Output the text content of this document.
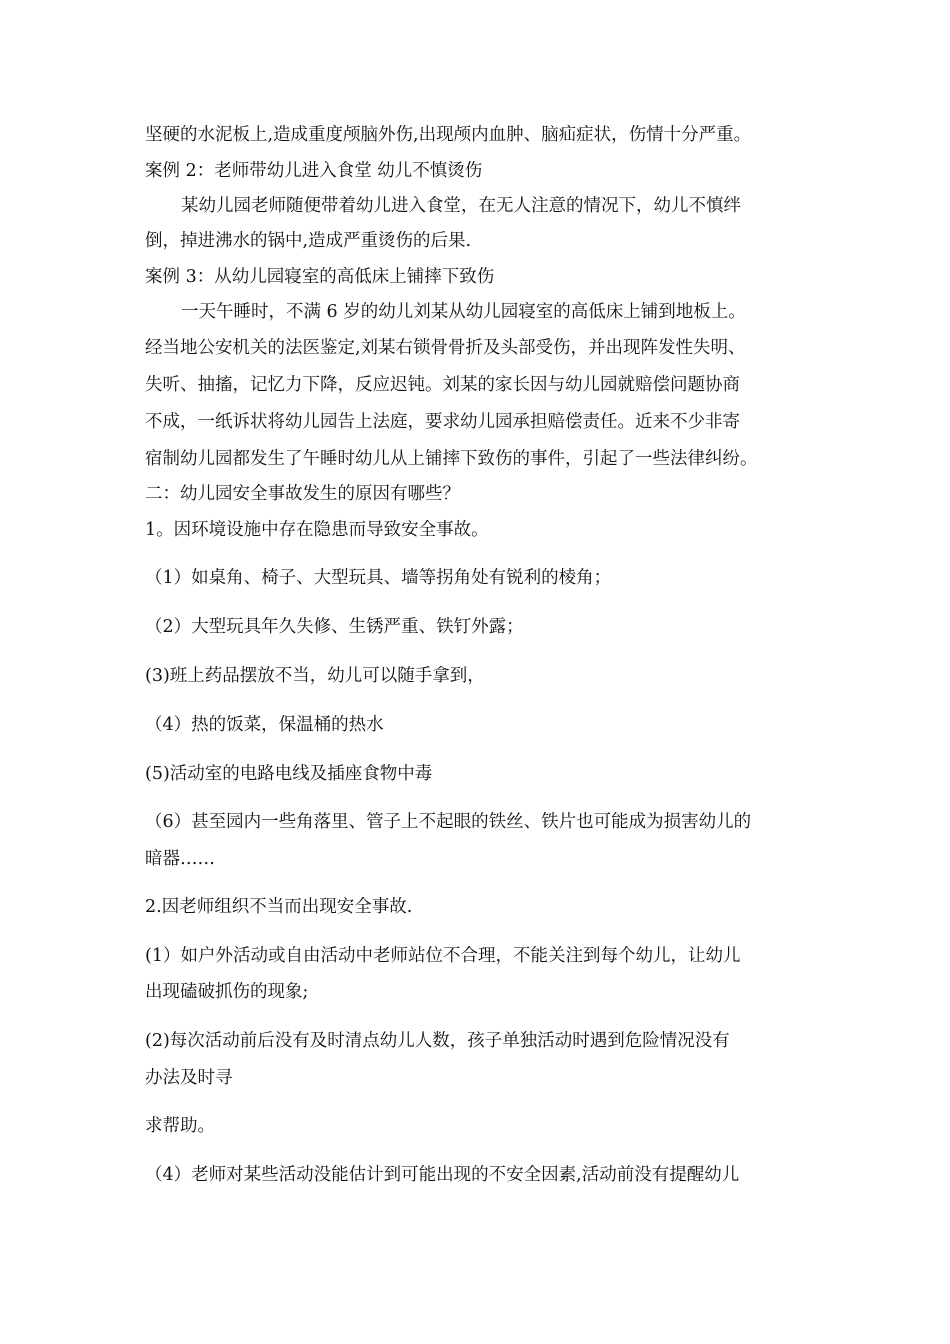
坚硬的水泥板上,造成重度颅脑外伤,出现颅内血肿、脑疝症状，伤情十分严重。
案例 2：老师带幼儿进入食堂 幼儿不慎烫伤
某幼儿园老师随便带着幼儿进入食堂，在无人注意的情况下，幼儿不慎绊
倒，掉进沸水的锅中,造成严重烫伤的后果.
案例 3：从幼儿园寝室的高低床上铺摔下致伤
一天午睡时，不满 6 岁的幼儿刘某从幼儿园寝室的高低床上铺到地板上。
经当地公安机关的法医鉴定,刘某右锁骨骨折及头部受伤，并出现阵发性失明、
失听、抽搐，记忆力下降，反应迟钝。刘某的家长因与幼儿园就赔偿问题协商
不成，一纸诉状将幼儿园告上法庭，要求幼儿园承担赔偿责任。近来不少非寄
宿制幼儿园都发生了午睡时幼儿从上铺摔下致伤的事件，引起了一些法律纠纷。
二：幼儿园安全事故发生的原因有哪些？
1。因环境设施中存在隐患而导致安全事故。
（1）如桌角、椅子、大型玩具、墙等拐角处有锐利的棱角；
（2）大型玩具年久失修、生锈严重、铁钉外露；
(3)班上药品摆放不当，幼儿可以随手拿到，
（4）热的饭菜，保温桶的热水
(5)活动室的电路电线及插座食物中毒
（6）甚至园内一些角落里、管子上不起眼的铁丝、铁片也可能成为损害幼儿的
暗器……
2.因老师组织不当而出现安全事故.
(1）如户外活动或自由活动中老师站位不合理，不能关注到每个幼儿，让幼儿
出现磕破抓伤的现象;
(2)每次活动前后没有及时清点幼儿人数，孩子单独活动时遇到危险情况没有
办法及时寻
求帮助。
（4）老师对某些活动没能估计到可能出现的不安全因素,活动前没有提醒幼儿
